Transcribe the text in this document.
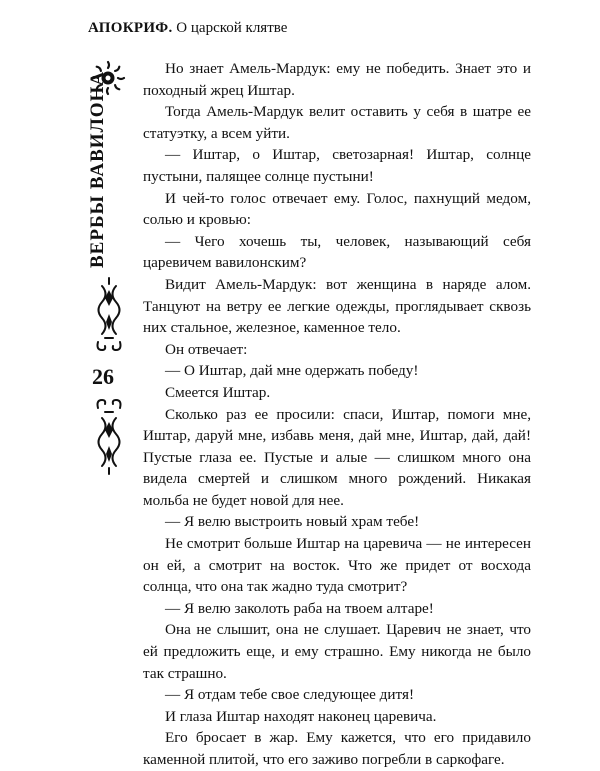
АПОКРИФ. О царской клятве
ВЕРБЫ ВАВИЛОНА
26

Но знает Амель-Мардук: ему не победить. Знает это и походный жрец Иштар.

Тогда Амель-Мардук велит оставить у себя в шатре ее статуэтку, а всем уйти.

— Иштар, о Иштар, светозарная! Иштар, солнце пустыни, палящее солнце пустыни!

И чей-то голос отвечает ему. Голос, пахнущий медом, солью и кровью:

— Чего хочешь ты, человек, называющий себя царевичем вавилонским?

Видит Амель-Мардук: вот женщина в наряде алом. Танцуют на ветру ее легкие одежды, проглядывает сквозь них стальное, железное, каменное тело.

Он отвечает:

— О Иштар, дай мне одержать победу!

Смеется Иштар.

Сколько раз ее просили: спаси, Иштар, помоги мне, Иштар, даруй мне, избавь меня, дай мне, Иштар, дай, дай! Пустые глаза ее. Пустые и алые — слишком много она видела смертей и слишком много рождений. Никакая мольба не будет новой для нее.

— Я велю выстроить новый храм тебе!

Не смотрит больше Иштар на царевича — не интересен он ей, а смотрит на восток. Что же придет от восхода солнца, что она так жадно туда смотрит?

— Я велю заколоть раба на твоем алтаре!

Она не слышит, она не слушает. Царевич не знает, что ей предложить еще, и ему страшно. Ему никогда не было так страшно.

— Я отдам тебе свое следующее дитя!

И глаза Иштар находят наконец царевича.

Его бросает в жар. Ему кажется, что его придавило каменной плитой, что его заживо погребли в саркофаге.
